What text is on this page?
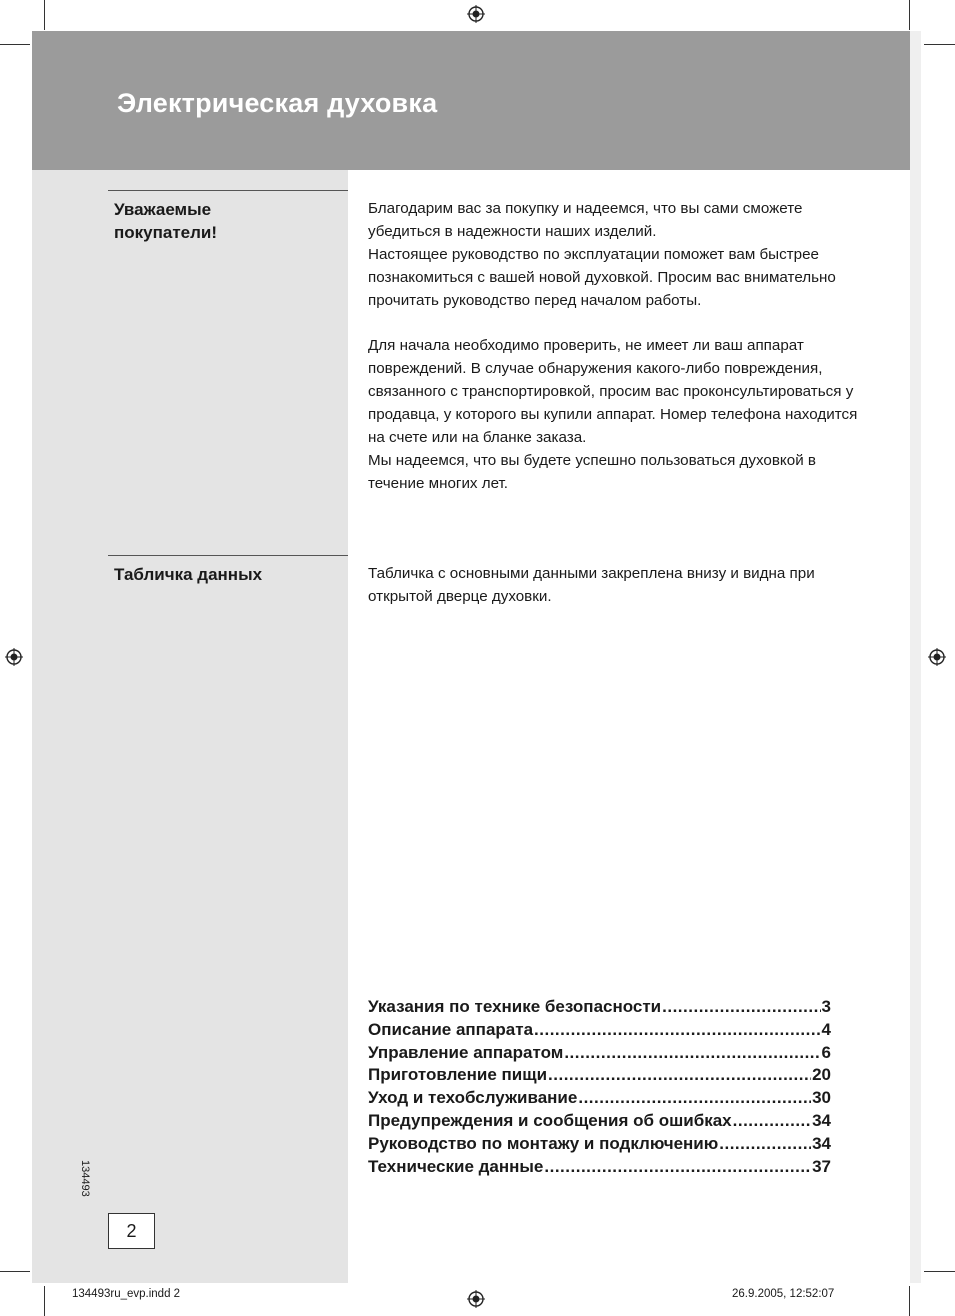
Электрическая духовка
Уважаемые
покупатели!

Благодарим вас за покупку и надеемся, что вы сами сможете убедиться в надежности наших изделий.

Настоящее руководство по эксплуатации поможет вам быстрее познакомиться с вашей новой духовкой. Просим вас внимательно прочитать руководство перед началом работы.

Для начала необходимо проверить, не имеет ли ваш аппарат повреждений. В случае обнаружения какого-либо повреждения, связанного с транспортировкой, просим вас проконсультироваться у продавца, у которого вы купили аппарат. Номер телефона находится на счете или на бланке заказа.

Мы надеемся, что вы будете успешно пользоваться духовкой в течение многих лет.

Табличка данных	Табличка с основными данными закреплена внизу и видна при открытой дверце духовки.

Указания по технике безопасности .....	3
Описание аппарата .....	4
Управление аппаратом .....	6
Приготовление пищи .....	20
Уход и техобслуживание .....	30
Предупреждения и сообщения об ошибках .....	34
Руководство по монтажу и подключению .....	34
Технические данные .....	37
134493
2
134493ru_evp.indd 2	26.9.2005, 12:52:07
